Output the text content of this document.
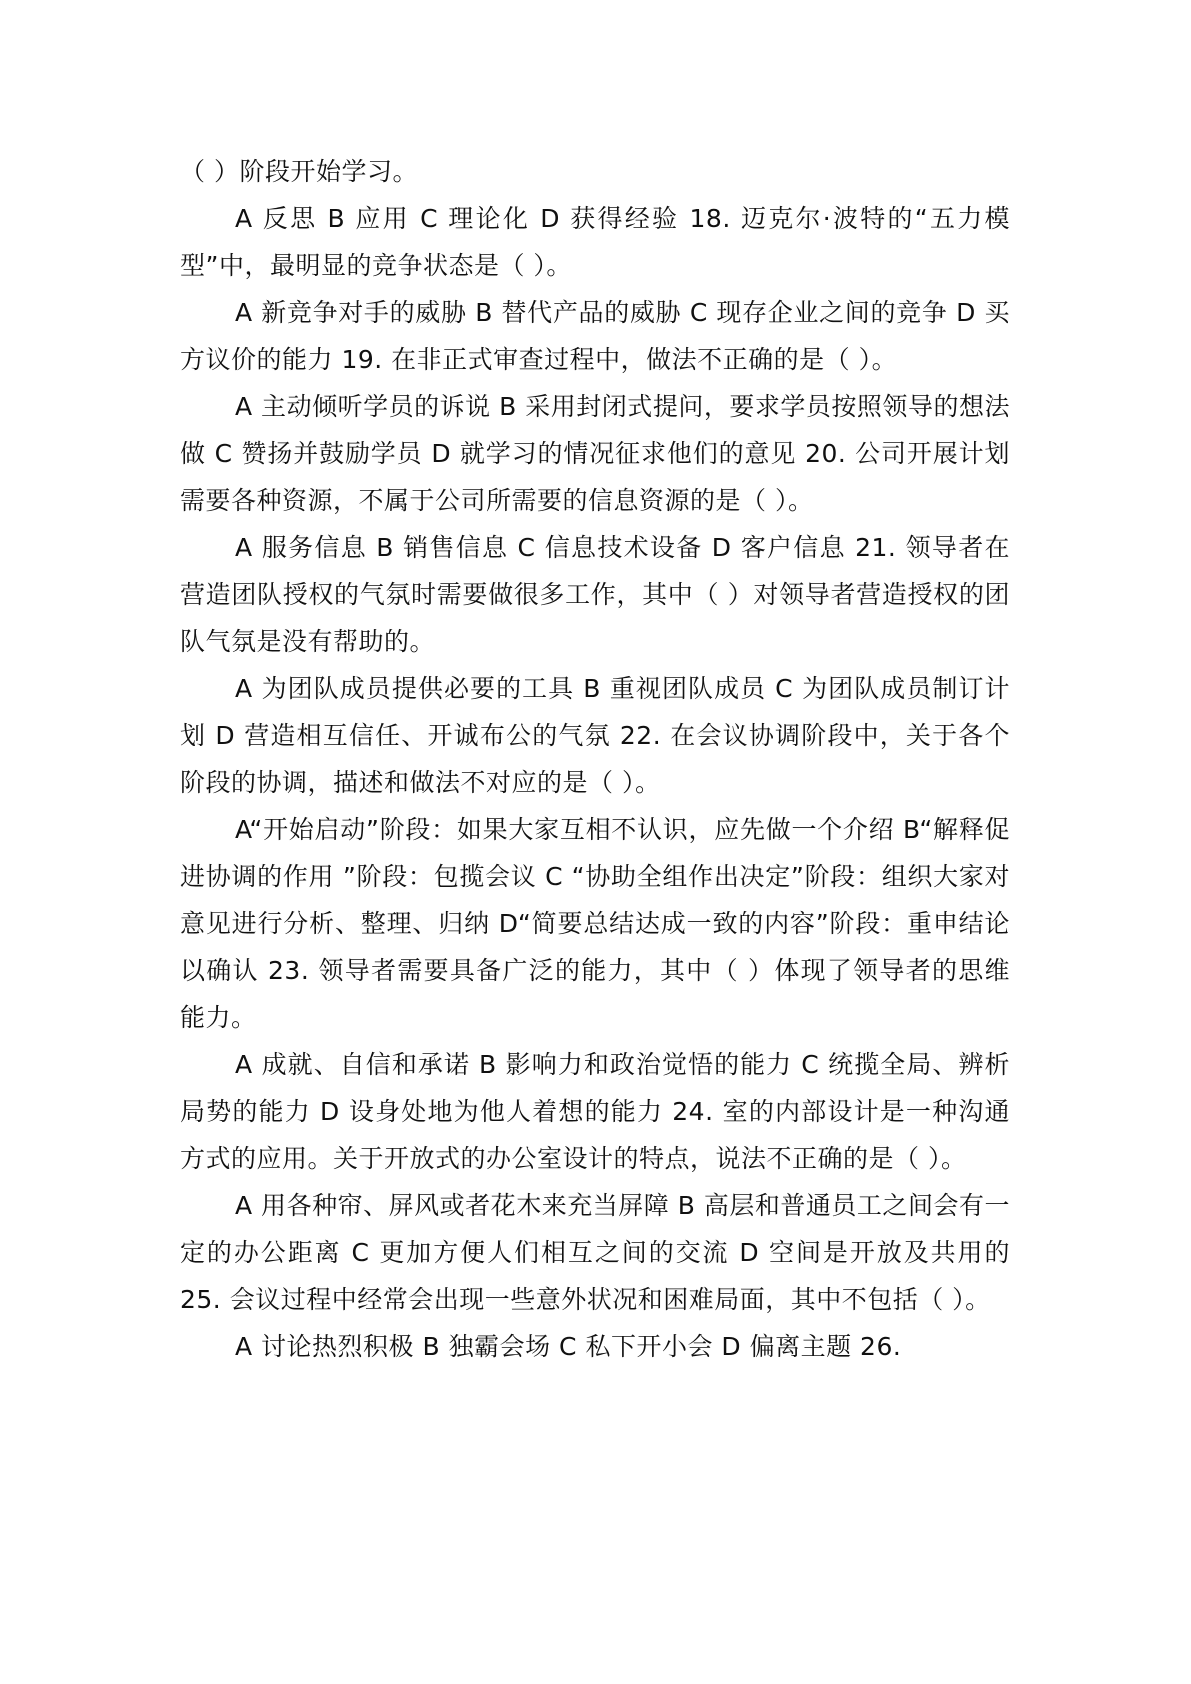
（ ）阶段开始学习。

A 反思 B 应用 C 理论化 D 获得经验 18. 迈克尔·波特的“五力模型”中，最明显的竞争状态是（ ）。

A 新竞争对手的威胁 B 替代产品的威胁 C 现存企业之间的竞争 D 买方议价的能力 19. 在非正式审查过程中，做法不正确的是（ ）。

A 主动倾听学员的诉说 B 采用封闭式提问，要求学员按照领导的想法做 C 赞扬并鼓励学员 D 就学习的情况征求他们的意见 20. 公司开展计划需要各种资源，不属于公司所需要的信息资源的是（ ）。

A 服务信息 B 销售信息 C 信息技术设备 D 客户信息 21. 领导者在营造团队授权的气氛时需要做很多工作，其中（ ）对领导者营造授权的团队气氛是没有帮助的。

A 为团队成员提供必要的工具 B 重视团队成员 C 为团队成员制订计划 D 营造相互信任、开诚布公的气氛 22. 在会议协调阶段中，关于各个阶段的协调，描述和做法不对应的是（ ）。

A“开始启动”阶段：如果大家互相不认识，应先做一个介绍 B“解释促进协调的作用 ”阶段：包揽会议 C “协助全组作出决定”阶段：组织大家对意见进行分析、整理、归纳 D“简要总结达成一致的内容”阶段：重申结论以确认 23. 领导者需要具备广泛的能力，其中（ ）体现了领导者的思维能力。

A 成就、自信和承诺 B 影响力和政治觉悟的能力 C 统揽全局、辨析局势的能力 D 设身处地为他人着想的能力 24. 室的内部设计是一种沟通方式的应用。关于开放式的办公室设计的特点，说法不正确的是（ ）。

A 用各种帘、屏风或者花木来充当屏障 B 高层和普通员工之间会有一定的办公距离 C 更加方便人们相互之间的交流 D 空间是开放及共用的 25. 会议过程中经常会出现一些意外状况和困难局面，其中不包括（ ）。

A 讨论热烈积极 B 独霸会场 C 私下开小会 D 偏离主题 26.
